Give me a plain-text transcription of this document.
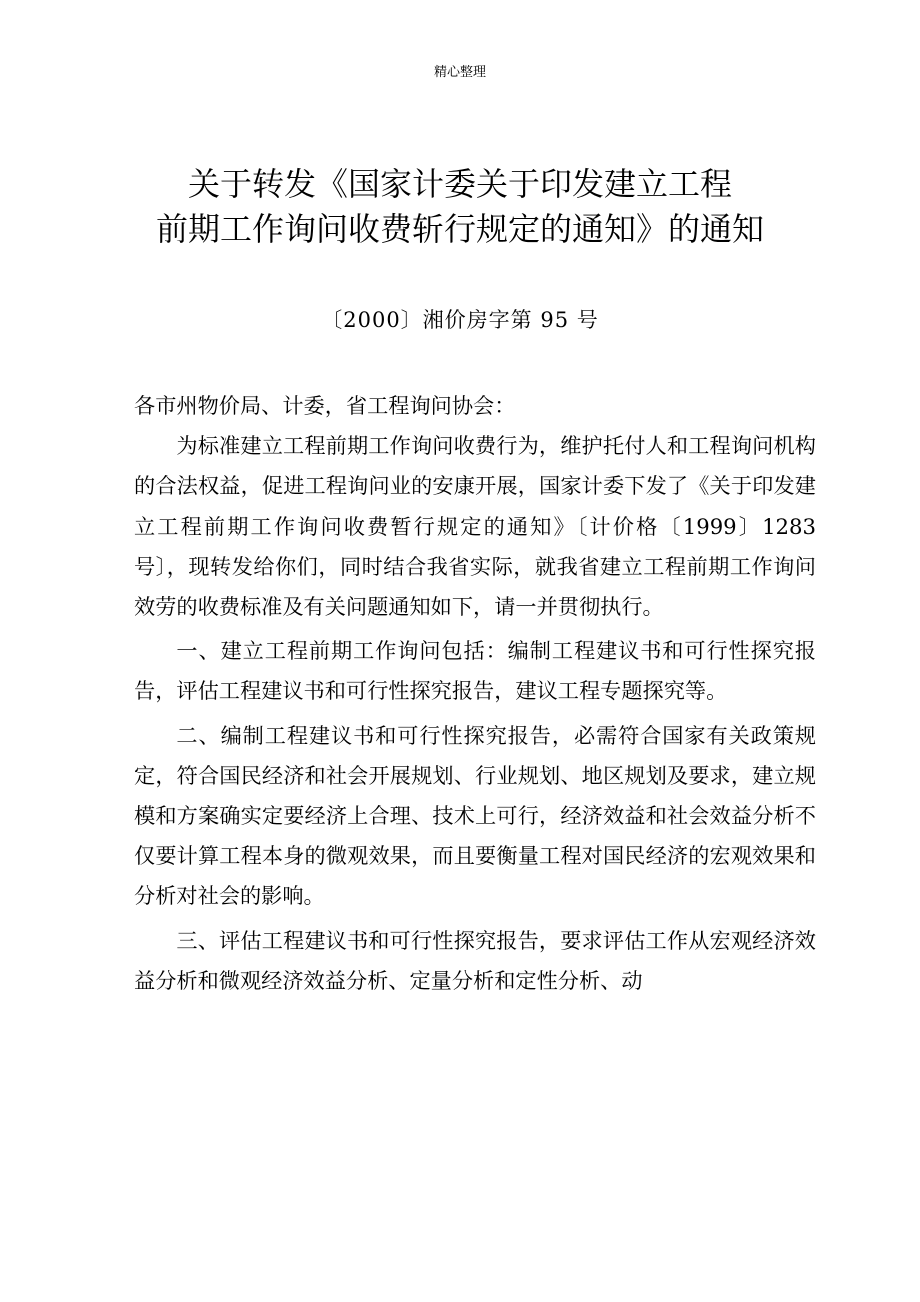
精心整理
关于转发《国家计委关于印发建立工程
前期工作询问收费斩行规定的通知》的通知
〔2000〕湘价房字第 95 号

各市州物价局、计委，省工程询问协会：

为标准建立工程前期工作询问收费行为，维护托付人和工程询问机构的合法权益，促进工程询问业的安康开展，国家计委下发了《关于印发建立工程前期工作询问收费暂行规定的通知》〔计价格〔1999〕1283 号〕，现转发给你们，同时结合我省实际，就我省建立工程前期工作询问效劳的收费标准及有关问题通知如下，请一并贯彻执行。

一、建立工程前期工作询问包括：编制工程建议书和可行性探究报告，评估工程建议书和可行性探究报告，建议工程专题探究等。

二、编制工程建议书和可行性探究报告，必需符合国家有关政策规定，符合国民经济和社会开展规划、行业规划、地区规划及要求，建立规模和方案确实定要经济上合理、技术上可行，经济效益和社会效益分析不仅要计算工程本身的微观效果，而且要衡量工程对国民经济的宏观效果和分析对社会的影响。

三、评估工程建议书和可行性探究报告，要求评估工作从宏观经济效益分析和微观经济效益分析、定量分析和定性分析、动
